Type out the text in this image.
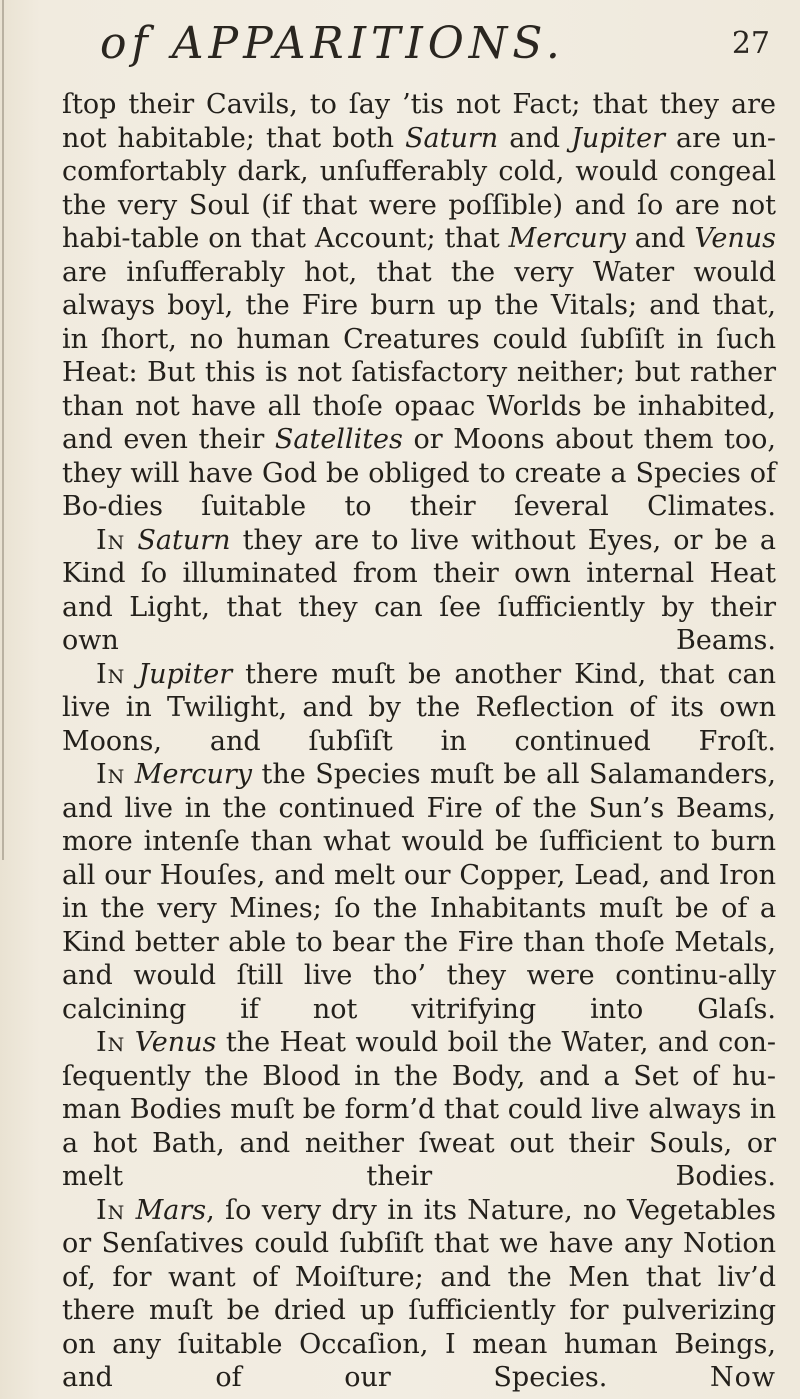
of APPARITIONS.	27

ſtop their Cavils, to ſay ’tis not Fact; that they are not habitable; that both Saturn and Jupiter are un-comfortably dark, unſufferably cold, would congeal the very Soul (if that were poſſible) and ſo are not habi-table on that Account; that Mercury and Venus are inſufferably hot, that the very Water would always boyl, the Fire burn up the Vitals; and that, in ſhort, no human Creatures could ſubſiſt in ſuch Heat: But this is not ſatisfactory neither; but rather than not have all thoſe opaac Worlds be inhabited, and even their Satellites or Moons about them too, they will have God be obliged to create a Species of Bo-dies ſuitable to their ſeveral Climates.

In Saturn they are to live without Eyes, or be a Kind ſo illuminated from their own internal Heat and Light, that they can ſee ſufficiently by their own Beams.

In Jupiter there muſt be another Kind, that can live in Twilight, and by the Reflection of its own Moons, and ſubſiſt in continued Froſt.

In Mercury the Species muſt be all Salamanders, and live in the continued Fire of the Sun’s Beams, more intenſe than what would be ſufficient to burn all our Houſes, and melt our Copper, Lead, and Iron in the very Mines; ſo the Inhabitants muſt be of a Kind better able to bear the Fire than thoſe Metals, and would ſtill live tho’ they were continu-ally calcining if not vitrifying into Glaſs.

In Venus the Heat would boil the Water, and con-ſequently the Blood in the Body, and a Set of hu-man Bodies muſt be form’d that could live always in a hot Bath, and neither ſweat out their Souls, or melt their Bodies.

In Mars, ſo very dry in its Nature, no Vegetables or Senſatives could ſubſiſt that we have any Notion of, for want of Moiſture; and the Men that liv’d there muſt be dried up ſufficiently for pulverizing on any ſuitable Occaſion, I mean human Beings, and of our Species. Now
